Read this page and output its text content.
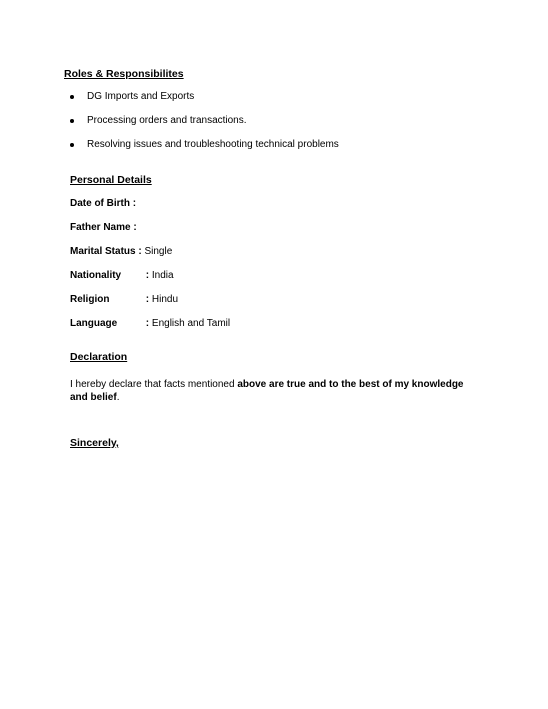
Roles & Responsibilites
DG Imports and Exports
Processing orders and transactions.
Resolving issues and troubleshooting technical problems
Personal Details
Date of Birth :
Father Name :
Marital Status : Single
Nationality : India
Religion	: Hindu
Language	: English and Tamil
Declaration
I hereby declare that facts mentioned above are true and to the best of my knowledge and belief.
Sincerely,
